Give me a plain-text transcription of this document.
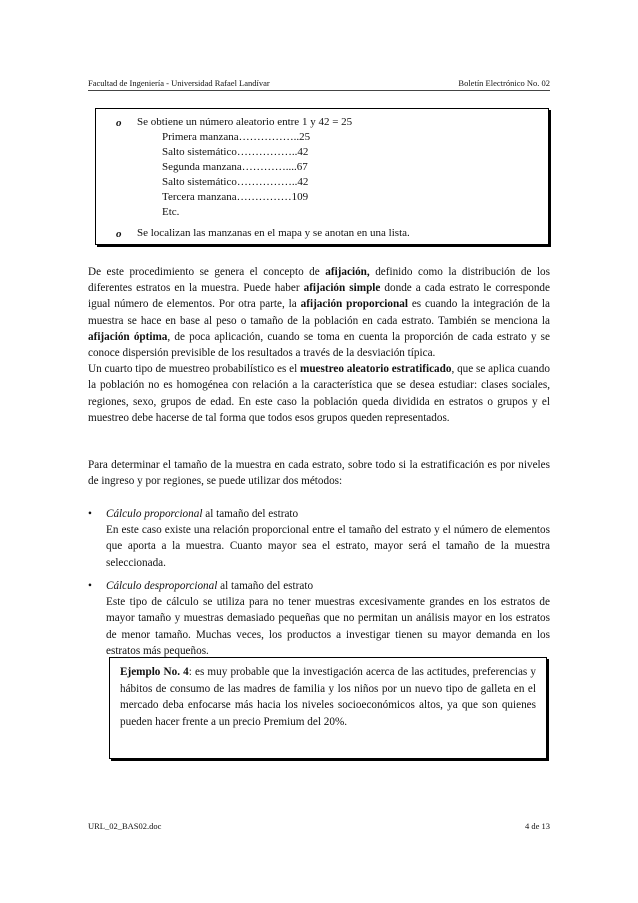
Facultad de Ingeniería - Universidad Rafael Landívar	Boletín Electrónico No. 02
o Se obtiene un número aleatorio entre 1 y 42 = 25
Primera manzana……………..25
Salto sistemático……………..42
Segunda manzana…………....67
Salto sistemático……………..42
Tercera manzana……………109
Etc.
o Se localizan las manzanas en el mapa y se anotan en una lista.

De este procedimiento se genera el concepto de afijación, definido como la distribución de los diferentes estratos en la muestra. Puede haber afijación simple donde a cada estrato le corresponde igual número de elementos. Por otra parte, la afijación proporcional es cuando la integración de la muestra se hace en base al peso o tamaño de la población en cada estrato. También se menciona la afijación óptima, de poca aplicación, cuando se toma en cuenta la proporción de cada estrato y se conoce dispersión previsible de los resultados a través de la desviación típica.

Un cuarto tipo de muestreo probabilístico es el muestreo aleatorio estratificado, que se aplica cuando la población no es homogénea con relación a la característica que se desea estudiar: clases sociales, regiones, sexo, grupos de edad. En este caso la población queda dividida en estratos o grupos y el muestreo debe hacerse de tal forma que todos esos grupos queden representados.

Para determinar el tamaño de la muestra en cada estrato, sobre todo si la estratificación es por niveles de ingreso y por regiones, se puede utilizar dos métodos:
• Cálculo proporcional al tamaño del estrato
En este caso existe una relación proporcional entre el tamaño del estrato y el número de elementos que aporta a la muestra. Cuanto mayor sea el estrato, mayor será el tamaño de la muestra seleccionada.
• Cálculo desproporcional al tamaño del estrato
Este tipo de cálculo se utiliza para no tener muestras excesivamente grandes en los estratos de mayor tamaño y muestras demasiado pequeñas que no permitan un análisis mayor en los estratos de menor tamaño. Muchas veces, los productos a investigar tienen su mayor demanda en los estratos más pequeños.
Ejemplo No. 4: es muy probable que la investigación acerca de las actitudes, preferencias y hábitos de consumo de las madres de familia y los niños por un nuevo tipo de galleta en el mercado deba enfocarse más hacia los niveles socioeconómicos altos, ya que son quienes pueden hacer frente a un precio Premium del 20%.
URL_02_BAS02.doc	4 de 13
